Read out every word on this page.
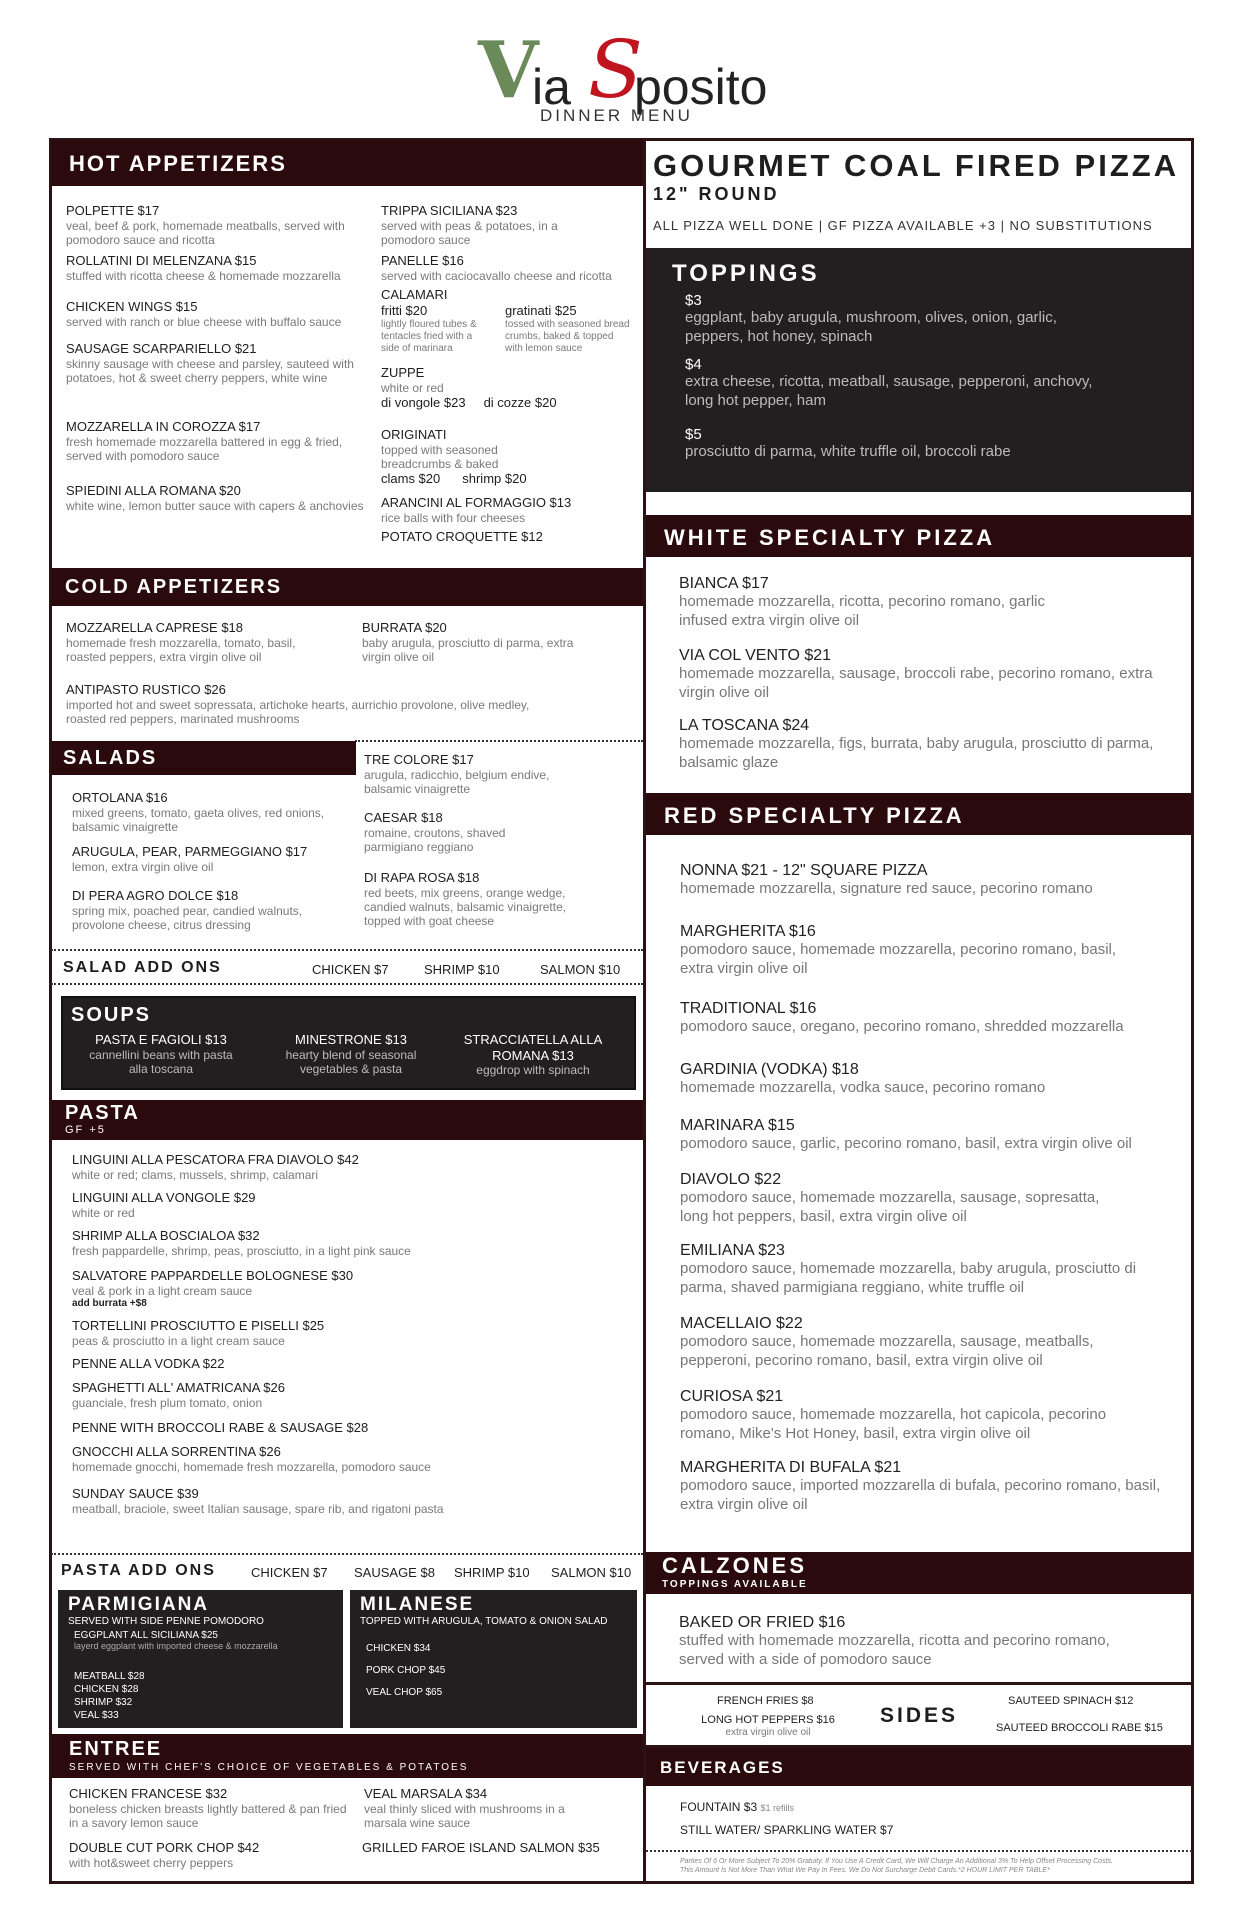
V
ia S
posito
DINNER MENU
HOT APPETIZERS
POLPETTE $17
veal, beef & pork, homemade meatballs, served with pomodoro sauce and ricotta
ROLLATINI DI MELENZANA $15
stuffed with ricotta cheese & homemade mozzarella
CHICKEN WINGS $15
served with ranch or blue cheese with buffalo sauce
SAUSAGE SCARPARIELLO $21
skinny sausage with cheese and parsley, sauteed with potatoes, hot & sweet cherry peppers, white wine
MOZZARELLA IN COROZZA $17
fresh homemade mozzarella battered in egg & fried, served with pomodoro sauce
SPIEDINI ALLA ROMANA $20
white wine, lemon butter sauce with capers & anchovies
TRIPPA SICILIANA $23
served with peas & potatoes, in a pomodoro sauce
PANELLE $16
served with caciocavallo cheese and ricotta
CALAMARI
fritti $20
lightly floured tubes & tentacles fried with a side of marinara
gratinati $25
tossed with seasoned bread crumbs, baked & topped with lemon sauce
ZUPPE
white or red
di vongole $23 di cozze $20
ORIGINATI
topped with seasoned breadcrumbs & baked
clams $20 shrimp $20
ARANCINI AL FORMAGGIO $13
rice balls with four cheeses
POTATO CROQUETTE $12
COLD APPETIZERS
MOZZARELLA CAPRESE $18
homemade fresh mozzarella, tomato, basil, roasted peppers, extra virgin olive oil
BURRATA $20
baby arugula, prosciutto di parma, extra virgin olive oil
ANTIPASTO RUSTICO $26
imported hot and sweet sopressata, artichoke hearts, aurrichio provolone, olive medley, roasted red peppers, marinated mushrooms
SALADS
ORTOLANA $16
mixed greens, tomato, gaeta olives, red onions, balsamic vinaigrette
ARUGULA, PEAR, PARMEGGIANO $17
lemon, extra virgin olive oil
DI PERA AGRO DOLCE $18
spring mix, poached pear, candied walnuts, provolone cheese, citrus dressing
TRE COLORE $17
arugula, radicchio, belgium endive, balsamic vinaigrette
CAESAR $18
romaine, croutons, shaved parmigiano reggiano
DI RAPA ROSA $18
red beets, mix greens, orange wedge, candied walnuts, balsamic vinaigrette, topped with goat cheese
SALAD ADD ONS	CHICKEN $7	SHRIMP $10	SALMON $10
SOUPS
PASTA E FAGIOLI $13
cannellini beans with pasta alla toscana
MINESTRONE $13
hearty blend of seasonal vegetables & pasta
STRACCIATELLA ALLA ROMANA $13
eggdrop with spinach
PASTA
GF +5
LINGUINI ALLA PESCATORA FRA DIAVOLO $42
white or red; clams, mussels, shrimp, calamari
LINGUINI ALLA VONGOLE $29
white or red
SHRIMP ALLA BOSCIALOA $32
fresh pappardelle, shrimp, peas, prosciutto, in a light pink sauce
SALVATORE PAPPARDELLE BOLOGNESE $30
veal & pork in a light cream sauce
add burrata +$8
TORTELLINI PROSCIUTTO E PISELLI $25
peas & prosciutto in a light cream sauce
PENNE ALLA VODKA $22
SPAGHETTI ALL' AMATRICANA $26
guanciale, fresh plum tomato, onion
PENNE WITH BROCCOLI RABE & SAUSAGE $28
GNOCCHI ALLA SORRENTINA $26
homemade gnocchi, homemade fresh mozzarella, pomodoro sauce
SUNDAY SAUCE $39
meatball, braciole, sweet Italian sausage, spare rib, and rigatoni pasta
PASTA ADD ONS	CHICKEN $7 SAUSAGE $8 SHRIMP $10 SALMON $10
PARMIGIANA
SERVED WITH SIDE PENNE POMODORO
EGGPLANT ALL SICILIANA $25
layerd eggplant with imported cheese & mozzarella
MEATBALL $28
CHICKEN $28
SHRIMP $32
VEAL $33
MILANESE
TOPPED WITH ARUGULA, TOMATO & ONION SALAD
CHICKEN $34
PORK CHOP $45
VEAL CHOP $65
ENTREE
SERVED WITH CHEF'S CHOICE OF VEGETABLES & POTATOES
CHICKEN FRANCESE $32
boneless chicken breasts lightly battered & pan fried in a savory lemon sauce
VEAL MARSALA $34
veal thinly sliced with mushrooms in a marsala wine sauce
DOUBLE CUT PORK CHOP $42
with hot&sweet cherry peppers
GRILLED FAROE ISLAND SALMON $35
GOURMET COAL FIRED PIZZA
12" ROUND
ALL PIZZA WELL DONE | GF PIZZA AVAILABLE +3 | NO SUBSTITUTIONS
TOPPINGS
$3
eggplant, baby arugula, mushroom, olives, onion, garlic, peppers, hot honey, spinach
$4
extra cheese, ricotta, meatball, sausage, pepperoni, anchovy, long hot pepper, ham
$5
prosciutto di parma, white truffle oil, broccoli rabe
WHITE SPECIALTY PIZZA
BIANCA $17
homemade mozzarella, ricotta, pecorino romano, garlic infused extra virgin olive oil
VIA COL VENTO $21
homemade mozzarella, sausage, broccoli rabe, pecorino romano, extra virgin olive oil
LA TOSCANA $24
homemade mozzarella, figs, burrata, baby arugula, prosciutto di parma, balsamic glaze
RED SPECIALTY PIZZA
NONNA $21 - 12" SQUARE PIZZA
homemade mozzarella, signature red sauce, pecorino romano
MARGHERITA $16
pomodoro sauce, homemade mozzarella, pecorino romano, basil, extra virgin olive oil
TRADITIONAL $16
pomodoro sauce, oregano, pecorino romano, shredded mozzarella
GARDINIA (VODKA) $18
homemade mozzarella, vodka sauce, pecorino romano
MARINARA $15
pomodoro sauce, garlic, pecorino romano, basil, extra virgin olive oil
DIAVOLO $22
pomodoro sauce, homemade mozzarella, sausage, sopresatta, long hot peppers, basil, extra virgin olive oil
EMILIANA $23
pomodoro sauce, homemade mozzarella, baby arugula, prosciutto di parma, shaved parmigiana reggiano, white truffle oil
MACELLAIO $22
pomodoro sauce, homemade mozzarella, sausage, meatballs, pepperoni, pecorino romano, basil, extra virgin olive oil
CURIOSA $21
pomodoro sauce, homemade mozzarella, hot capicola, pecorino romano, Mike's Hot Honey, basil, extra virgin olive oil
MARGHERITA DI BUFALA $21
pomodoro sauce, imported mozzarella di bufala, pecorino romano, basil, extra virgin olive oil
CALZONES
TOPPINGS AVAILABLE
BAKED OR FRIED $16
stuffed with homemade mozzarella, ricotta and pecorino romano, served with a side of pomodoro sauce
FRENCH FRIES $8
LONG HOT PEPPERS $16
extra virgin olive oil
SIDES
SAUTEED SPINACH $12
SAUTEED BROCCOLI RABE $15
BEVERAGES
FOUNTAIN $3 $1 refills
STILL WATER/ SPARKLING WATER $7
Parties Of 6 Or More Subject To 20% Gratuity. If You Use A Credit Card, We Will Charge An Additional 3% To Help Offset Processing Costs.
This Amount Is Not More Than What We Pay In Fees. We Do Not Surcharge Debit Cards.*2 HOUR LIMIT PER TABLE*
